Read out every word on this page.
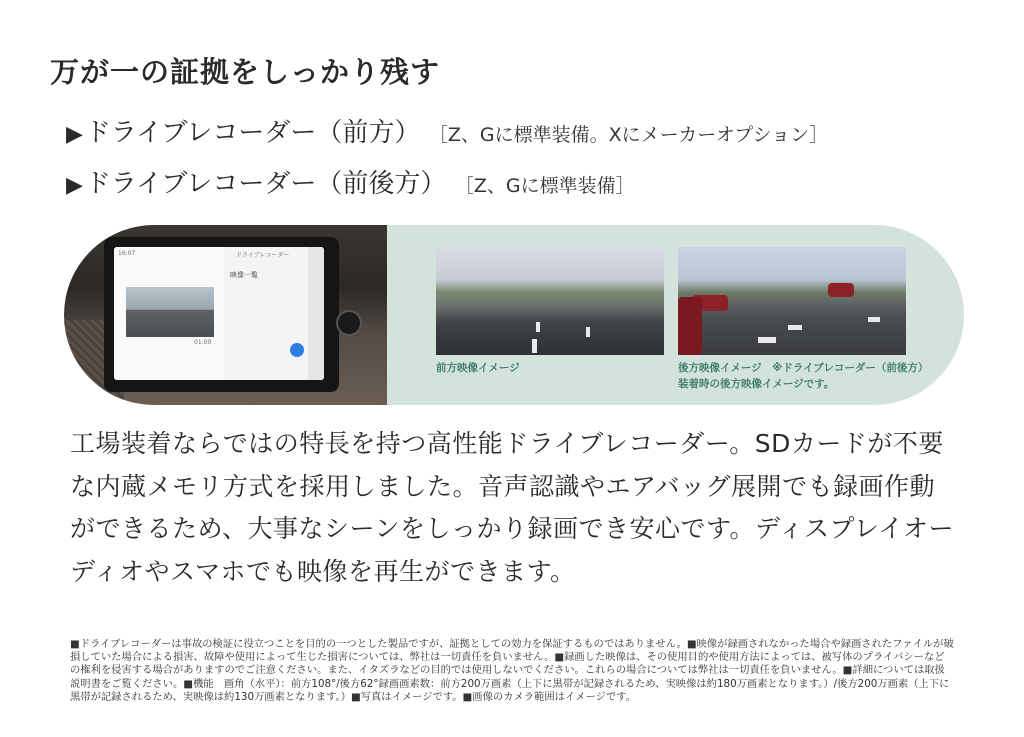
万が一の証拠をしっかり残す
▶ドライブレコーダー（前方） ［Z、Gに標準装備。Xにメーカーオプション］
▶ドライブレコーダー（前後方） ［Z、Gに標準装備］
16:07
01:00
ドライブレコーダー
映像一覧
前方映像イメージ	後方映像イメージ　※ドライブレコーダー（前後方）装着時の後方映像イメージです。
工場装着ならではの特長を持つ高性能ドライブレコーダー。SDカードが不要な内蔵メモリ方式を採用しました。音声認識やエアバッグ展開でも録画作動ができるため、大事なシーンをしっかり録画でき安心です。ディスプレイオーディオやスマホでも映像を再生ができます。
■ドライブレコーダーは事故の検証に役立つことを目的の一つとした製品ですが、証拠としての効力を保証するものではありません。■映像が録画されなかった場合や録画されたファイルが破損していた場合による損害、故障や使用によって生じた損害については、弊社は一切責任を負いません。■録画した映像は、その使用目的や使用方法によっては、被写体のプライバシーなどの権利を侵害する場合がありますのでご注意ください。また、イタズラなどの目的では使用しないでください。これらの場合については弊社は一切責任を負いません。■詳細については取扱説明書をご覧ください。■機能　画角（水平）：前方108°/後方62°録画画素数：前方200万画素（上下に黒帯が記録されるため、実映像は約180万画素となります。）/後方200万画素（上下に黒帯が記録されるため、実映像は約130万画素となります。）■写真はイメージです。■画像のカメラ範囲はイメージです。
